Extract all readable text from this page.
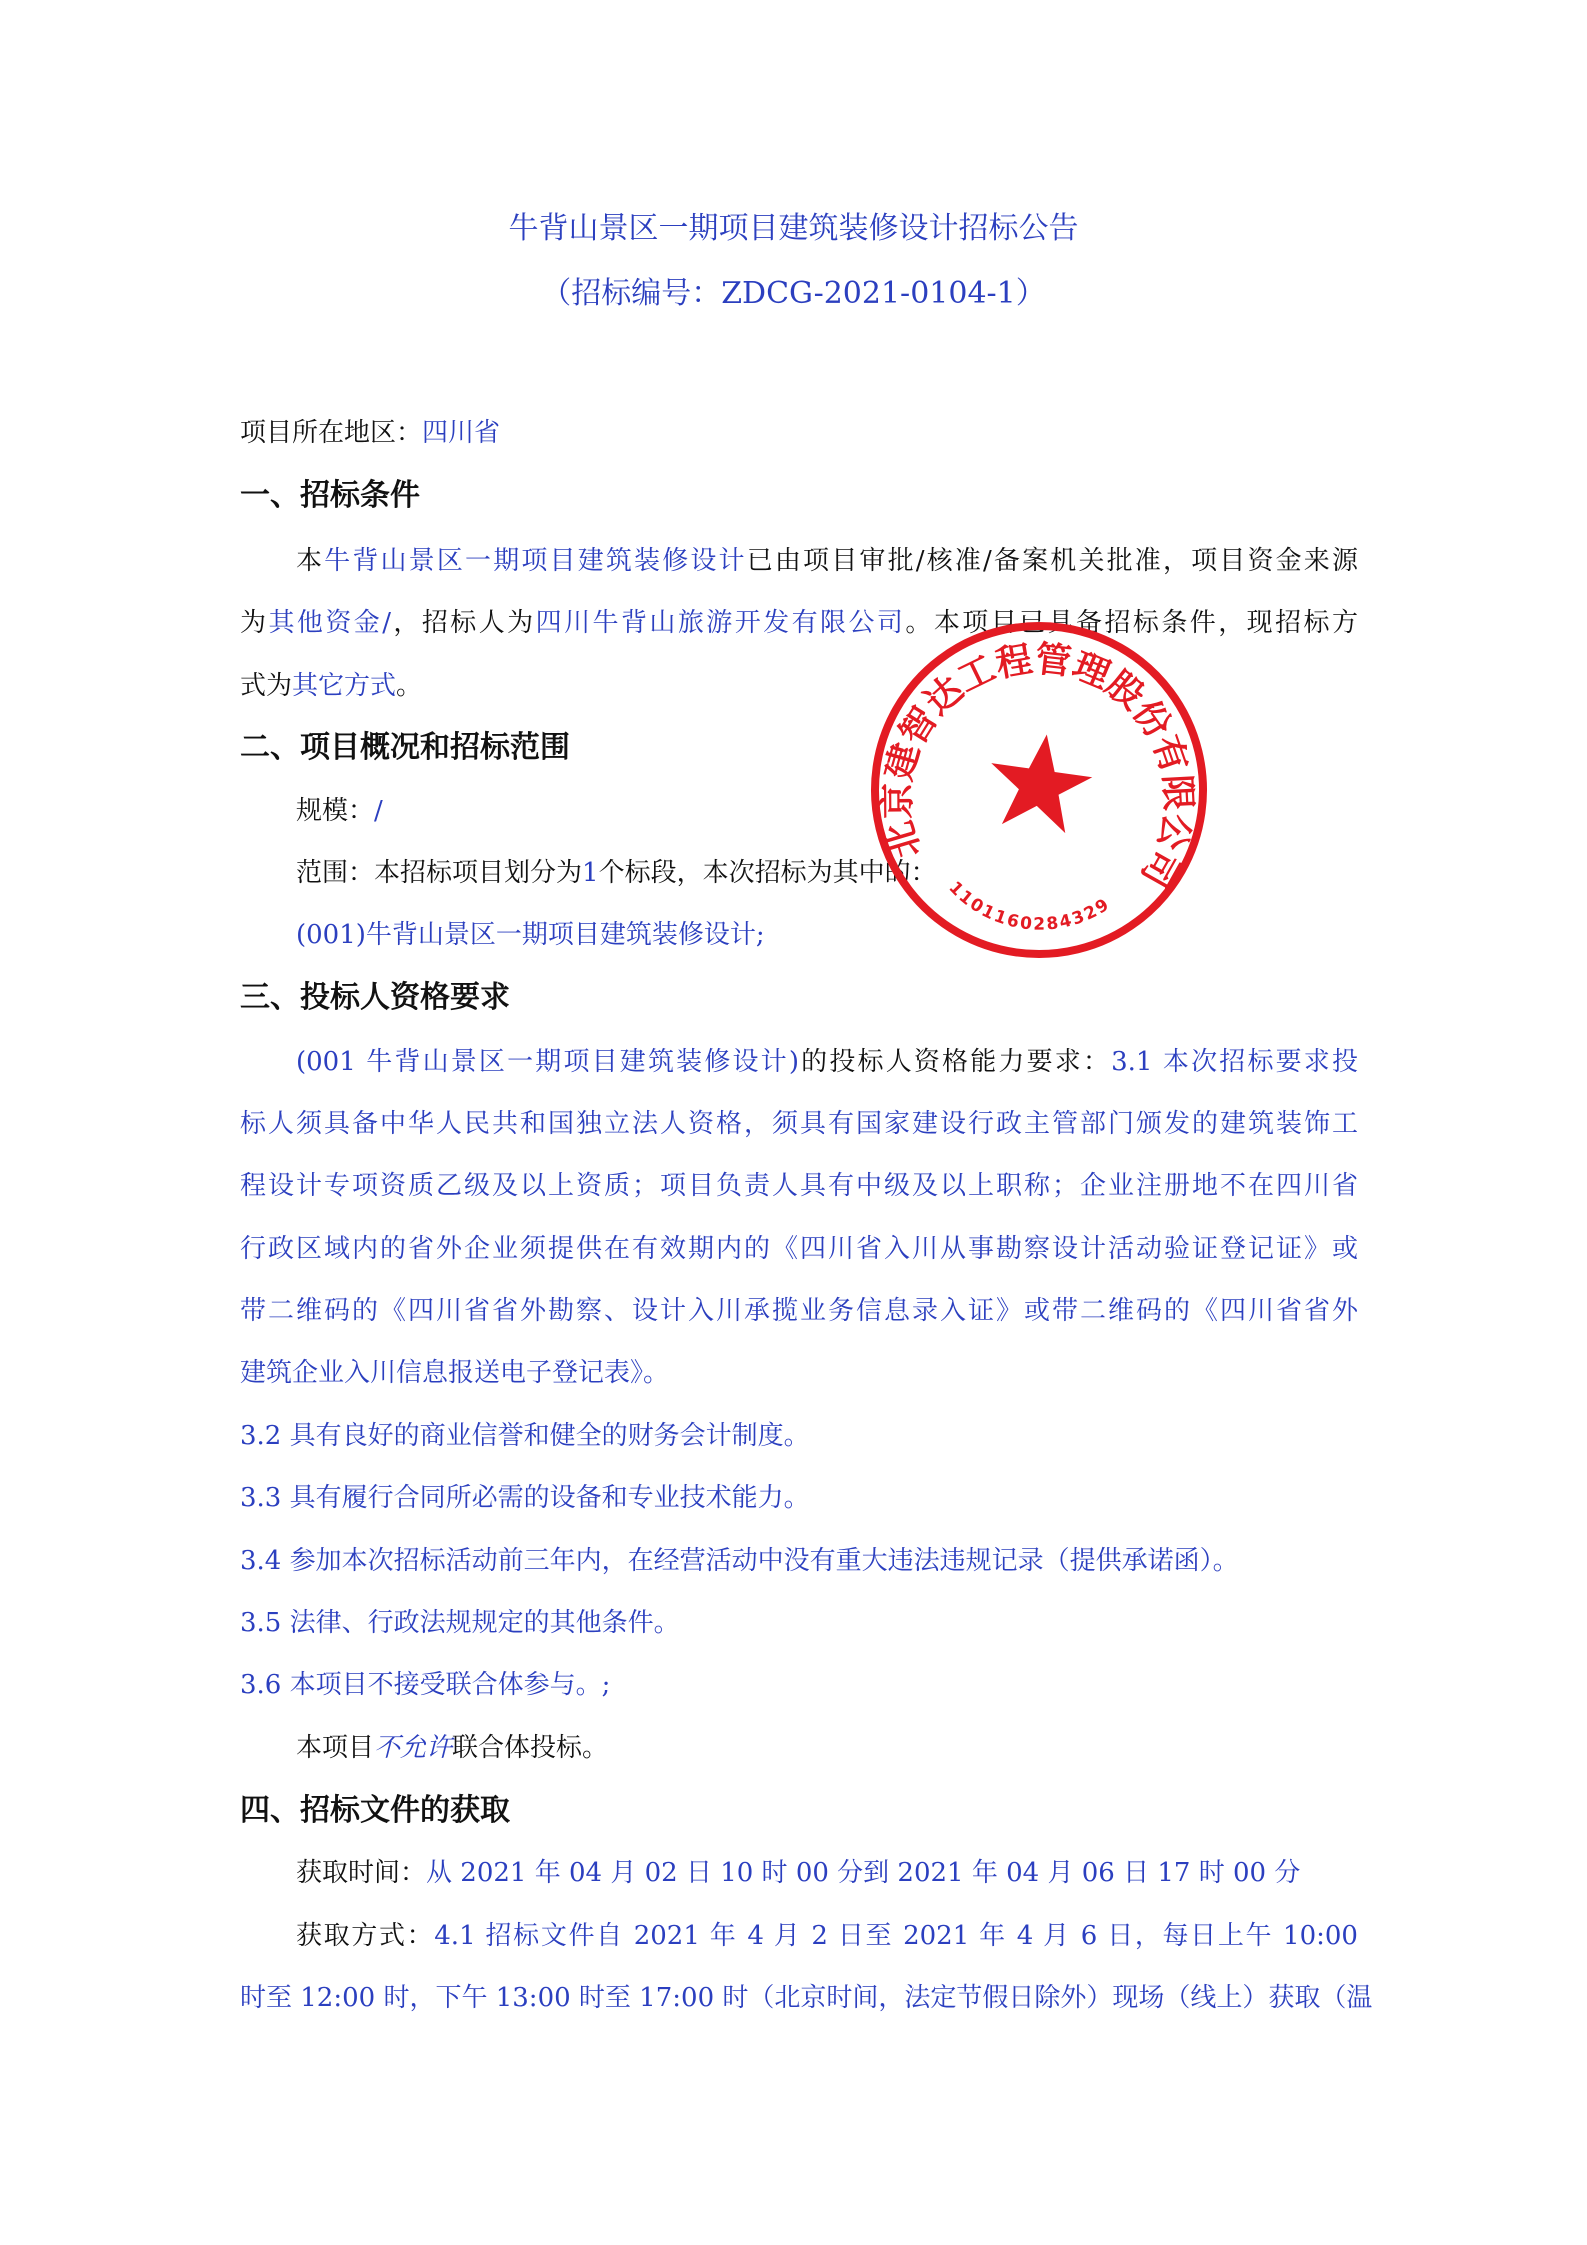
牛背山景区一期项目建筑装修设计招标公告
（招标编号：ZDCG-2021-0104-1）
项目所在地区：四川省
一、招标条件
本牛背山景区一期项目建筑装修设计已由项目审批/核准/备案机关批准，项目资金来源
为其他资金/，招标人为四川牛背山旅游开发有限公司。本项目已具备招标条件，现招标方
式为其它方式。
二、项目概况和招标范围
规模：/
范围：本招标项目划分为1个标段，本次招标为其中的：
(001)牛背山景区一期项目建筑装修设计;
三、投标人资格要求
(001 牛背山景区一期项目建筑装修设计)的投标人资格能力要求：3.1 本次招标要求投
标人须具备中华人民共和国独立法人资格，须具有国家建设行政主管部门颁发的建筑装饰工
程设计专项资质乙级及以上资质；项目负责人具有中级及以上职称；企业注册地不在四川省
行政区域内的省外企业须提供在有效期内的《四川省入川从事勘察设计活动验证登记证》或
带二维码的《四川省省外勘察、设计入川承揽业务信息录入证》或带二维码的《四川省省外
建筑企业入川信息报送电子登记表》。
3.2 具有良好的商业信誉和健全的财务会计制度。
3.3 具有履行合同所必需的设备和专业技术能力。
3.4 参加本次招标活动前三年内，在经营活动中没有重大违法违规记录（提供承诺函）。
3.5 法律、行政法规规定的其他条件。
3.6 本项目不接受联合体参与。;
本项目不允许联合体投标。
四、招标文件的获取
获取时间：从 2021 年 04 月 02 日 10 时 00 分到 2021 年 04 月 06 日 17 时 00 分
获取方式：4.1 招标文件自 2021 年 4 月 2 日至 2021 年 4 月 6 日，每日上午 10:00
时至 12:00 时，下午 13:00 时至 17:00 时（北京时间，法定节假日除外）现场（线上）获取（温
北京建智达工程管理股份有限公司
1101160284329
